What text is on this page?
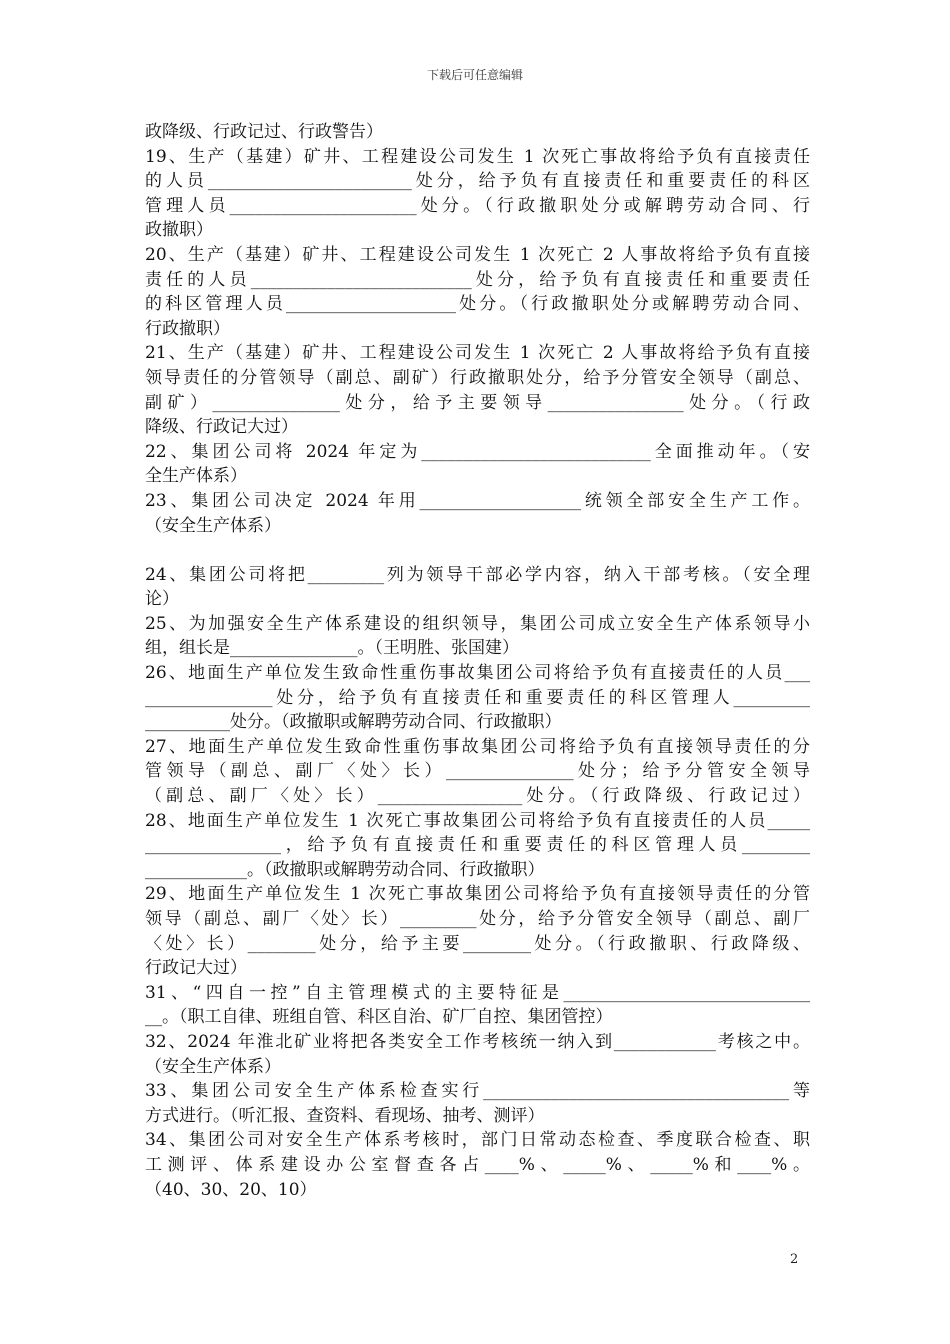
下载后可任意编辑
政降级、行政记过、行政警告）
19、生产（基建）矿井、工程建设公司发生 1 次死亡事故将给予负有直接责任
的人员________________________处分，给予负有直接责任和重要责任的科区
管理人员______________________处分。（行政撤职处分或解聘劳动合同、行
政撤职）
20、生产（基建）矿井、工程建设公司发生 1 次死亡 2 人事故将给予负有直接
责任的人员__________________________处分，给予负有直接责任和重要责任
的科区管理人员____________________处分。（行政撤职处分或解聘劳动合同、
行政撤职）
21、生产（基建）矿井、工程建设公司发生 1 次死亡 2 人事故将给予负有直接
领导责任的分管领导（副总、副矿）行政撤职处分，给予分管安全领导（副总、
副矿）_______________处分，给予主要领导________________处分。（行政
降级、行政记大过）
22、集团公司将 2024 年定为___________________________全面推动年。（安
全生产体系）
23、集团公司决定 2024 年用___________________统领全部安全生产工作。
（安全生产体系）
24、集团公司将把_________列为领导干部必学内容，纳入干部考核。（安全理
论）
25、为加强安全生产体系建设的组织领导，集团公司成立安全生产体系领导小
组，组长是_______________。（王明胜、张国建）
26、地面生产单位发生致命性重伤事故集团公司将给予负有直接责任的人员___
_______________处分，给予负有直接责任和重要责任的科区管理人_________
__________处分。（政撤职或解聘劳动合同、行政撤职）
27、地面生产单位发生致命性重伤事故集团公司将给予负有直接领导责任的分
管领导（副总、副厂〈处〉长）_______________处分；给予分管安全领导
（副总、副厂〈处〉长）_________________处分。（行政降级、行政记过）
28、地面生产单位发生 1 次死亡事故集团公司将给予负有直接责任的人员_____
________________，给予负有直接责任和重要责任的科区管理人员________
____________。（政撤职或解聘劳动合同、行政撤职）
29、地面生产单位发生 1 次死亡事故集团公司将给予负有直接领导责任的分管
领导（副总、副厂〈处〉长）_________处分，给予分管安全领导（副总、副厂
〈处〉长）________处分，给予主要________处分。（行政撤职、行政降级、
行政记大过）
31、“四自一控”自主管理模式的主要特征是_____________________________
__。（职工自律、班组自管、科区自治、矿厂自控、集团管控）
32、2024 年淮北矿业将把各类安全工作考核统一纳入到____________考核之中。
（安全生产体系）
33、集团公司安全生产体系检查实行____________________________________等
方式进行。（听汇报、查资料、看现场、抽考、测评）
34、集团公司对安全生产体系考核时，部门日常动态检查、季度联合检查、职
工测评、体系建设办公室督查各占____%、_____%、_____%和____%。
（40、30、20、10）
2
